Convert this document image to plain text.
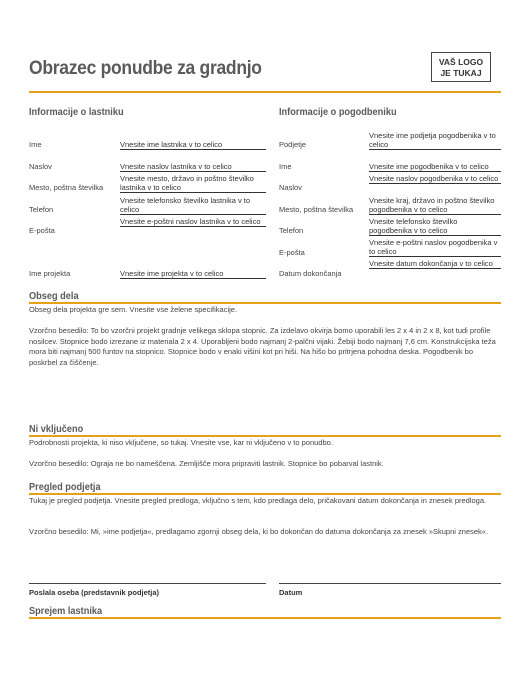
Obrazec ponudbe za gradnjo	VAŠ LOGO
JE TUKAJ
Informacije o lastniku
Ime	Vnesite ime lastnika v to celico
Naslov	Vnesite naslov lastnika v to celico
Mesto, poštna številka
Vnesite mesto, državo in poštno številko lastnika v to celico
Telefon
Vnesite telefonsko številko lastnika v to celico
E-pošta
Vnesite e-poštni naslov lastnika v to celico
Ime projekta	Vnesite ime projekta v to celico
Informacije o pogodbeniku
Podjetje
Vnesite ime podjetja pogodbenika v to celico
Ime	Vnesite ime pogodbenika v to celico
Naslov
Vnesite naslov pogodbenika v to celico
Mesto, poštna številka
Vnesite kraj, državo in poštno številko pogodbenika v to celico
Telefon
Vnesite telefonsko številko pogodbenika v to celico
E-pošta
Vnesite e-poštni naslov pogodbenika v to celico
Datum dokončanja
Vnesite datum dokončanja v to celico
Obseg dela
Obseg dela projekta gre sem. Vnesite vse želene specifikacije.
Vzorčno besedilo: To bo vzorčni projekt gradnje velikega sklopa stopnic. Za izdelavo okvirja bomo uporabili les 2 x 4 in 2 x 8, kot tudi profile nosilcev. Stopnice bodo izrezane iz materiala 2 x 4. Uporabljeni bodo najmanj 2-palčni vijaki. Žebiji bodo najmanj 7,6 cm. Konstrukcijska teža mora biti najmanj 500 funtov na stopnico. Stopnice bodo v enaki višini kot pri hiši. Na hišo bo pritrjena pohodna deska. Pogodbenik bo poskrbel za čiščenje.
Ni vključeno
Podrobnosti projekta, ki niso vključene, so tukaj. Vnesite vse, kar ni vključeno v to ponudbo.
Vzorčno besedilo: Ograja ne bo nameščena. Zemljišče mora pripraviti lastnik. Stopnice bo pobarval lastnik.
Pregled podjetja
Tukaj je pregled podjetja. Vnesite pregled predloga, vključno s tem, kdo predlaga delo, pričakovani datum dokončanja in znesek predloga.
Vzorčno besedilo: Mi, »ime podjetja«, predlagamo zgornji obseg dela, ki bo dokončan do datuma dokončanja za znesek »Skupni znesek«.
Poslala oseba (predstavnik podjetja)	Datum
Sprejem lastnika
